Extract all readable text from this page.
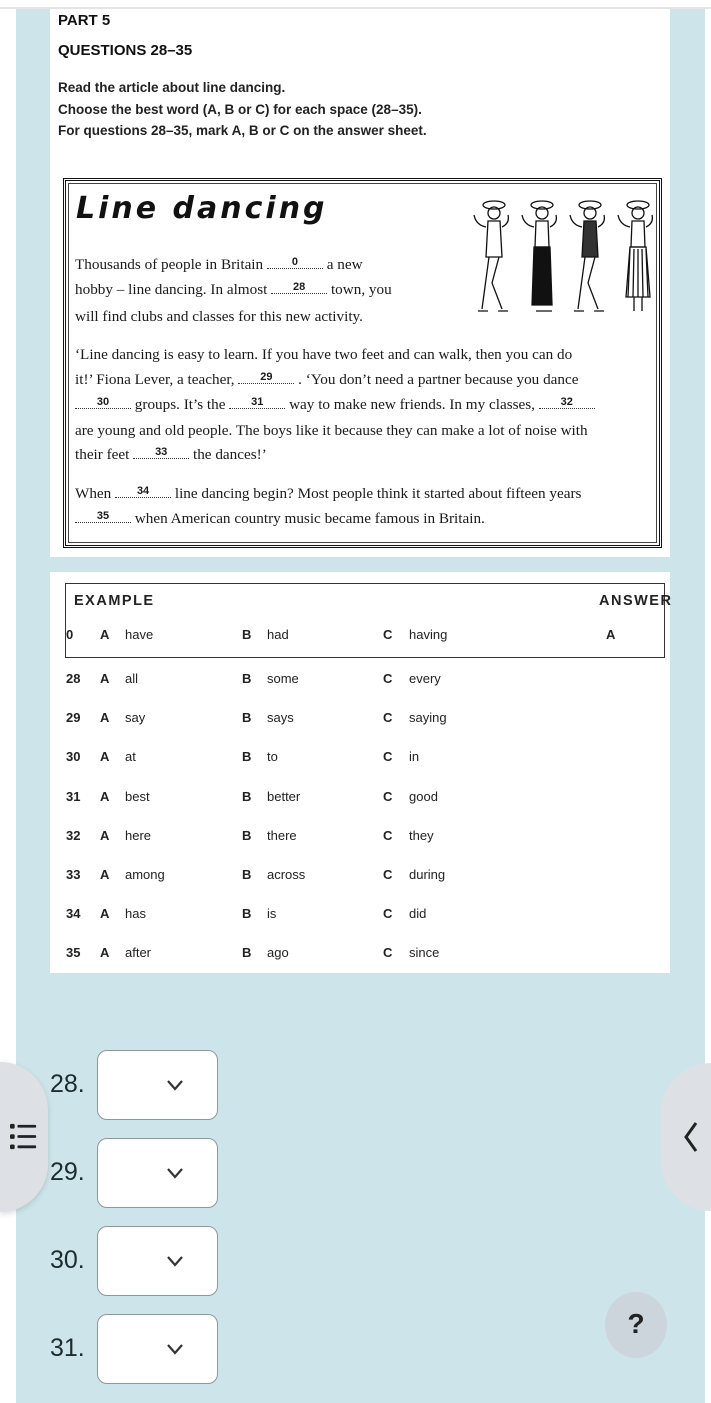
PART 5
QUESTIONS 28–35
Read the article about line dancing.
Choose the best word (A, B or C) for each space (28–35).
For questions 28–35, mark A, B or C on the answer sheet.
Line dancing
Thousands of people in Britain 0 a new
hobby – line dancing. In almost 28 town, you
will find clubs and classes for this new activity.
‘Line dancing is easy to learn. If you have two feet and can walk, then you can do
it!’ Fiona Lever, a teacher, 29 . ‘You don’t need a partner because you dance
30 groups. It’s the 31 way to make new friends. In my classes, 32
are young and old people. The boys like it because they can make a lot of noise with
their feet 33 the dances!’
When 34 line dancing begin? Most people think it started about fifteen years
35 when American country music became famous in Britain.
EXAMPLE	ANSWER
0 A have	B had	C having	A
28 A all	B some	C every
29 A say	B says	C saying
30 A at	B to	C in
31 A best	B better	C good
32 A here	B there	C they
33 A among	B across	C during
34 A has	B is	C did
35 A after	B ago	C since
28.
29.
30.
31.
?
